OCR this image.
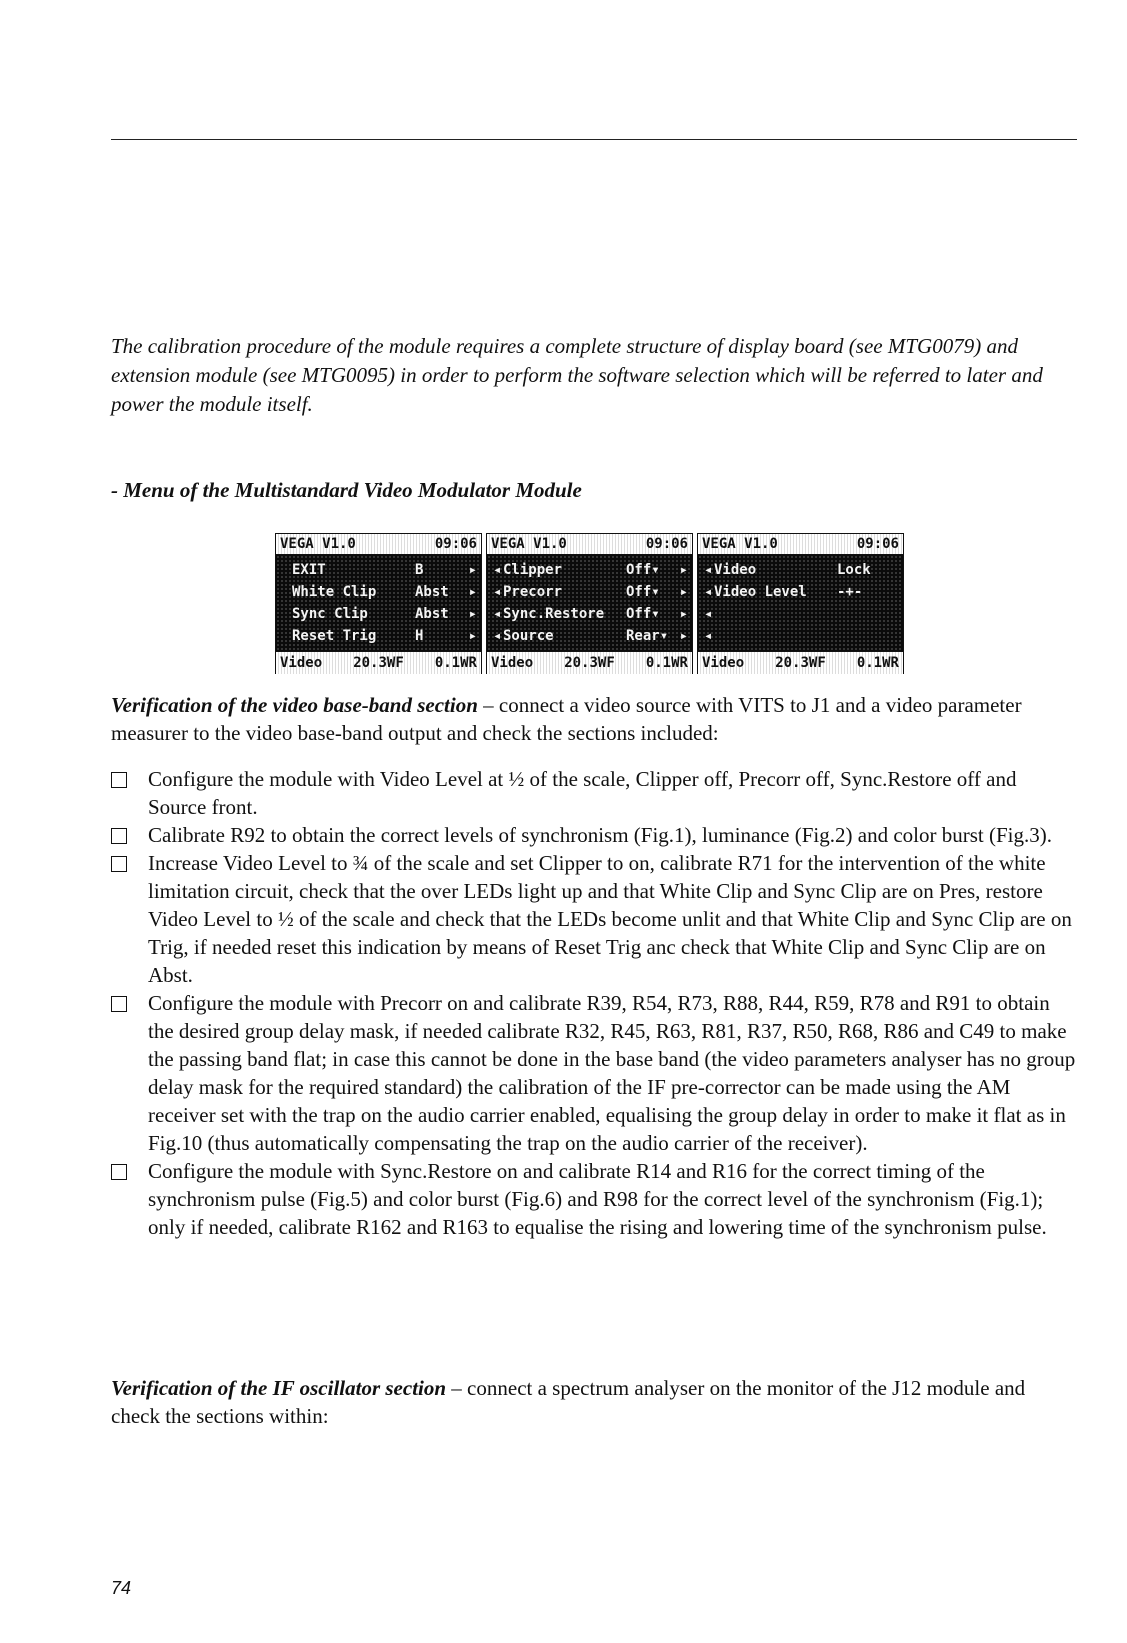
The calibration procedure of the module requires a complete structure of display board (see MTG0079) and extension module (see MTG0095) in order to perform the software selection which will be referred to later and power the module itself.
- Menu of the Multistandard Video Modulator Module
VEGA V1.0	09:06
EXIT	B	▸
White Clip	Abst	▸
Sync Clip	Abst	▸
Reset Trig	H	▸
Video 20.3WF 0.1WR
VEGA V1.0	09:06
◂ Clipper	Off▾	▸
◂ Precorr	Off▾	▸
◂ Sync.Restore	Off▾	▸
◂ Source	Rear▾ ▸
Video 20.3WF 0.1WR
VEGA V1.0	09:06
◂ Video	Lock
◂ Video Level	-+-
◂
◂
Video 20.3WF 0.1WR
Verification of the video base-band section – connect a video source with VITS to J1 and a video parameter measurer to the video base-band output and check the sections included:
Configure the module with Video Level at ½ of the scale, Clipper off, Precorr off, Sync.Restore off and Source front.
Calibrate R92 to obtain the correct levels of synchronism (Fig.1), luminance (Fig.2) and color burst (Fig.3).
Increase Video Level to ¾ of the scale and set Clipper to on, calibrate R71 for the intervention of the white limitation circuit, check that the over LEDs light up and that White Clip and Sync Clip are on Pres, restore Video Level to ½ of the scale and check that the LEDs become unlit and that White Clip and Sync Clip are on Trig, if needed reset this indication by means of Reset Trig anc check that White Clip and Sync Clip are on Abst.
Configure the module with Precorr on and calibrate R39, R54, R73, R88, R44, R59, R78 and R91 to obtain the desired group delay mask, if needed calibrate R32, R45, R63, R81, R37, R50, R68, R86 and C49 to make the passing band flat; in case this cannot be done in the base band (the video parameters analyser has no group delay mask for the required standard) the calibration of the IF pre-corrector can be made using the AM receiver set with the trap on the audio carrier enabled, equalising the group delay in order to make it flat as in Fig.10 (thus automatically compensating the trap on the audio carrier of the receiver).
Configure the module with Sync.Restore on and calibrate R14 and R16 for the correct timing of the synchronism pulse (Fig.5) and color burst (Fig.6) and R98 for the correct level of the synchronism (Fig.1); only if needed, calibrate R162 and R163 to equalise the rising and lowering time of the synchronism pulse.
Verification of the IF oscillator section – connect a spectrum analyser on the monitor of the J12 module and check the sections within:
74
